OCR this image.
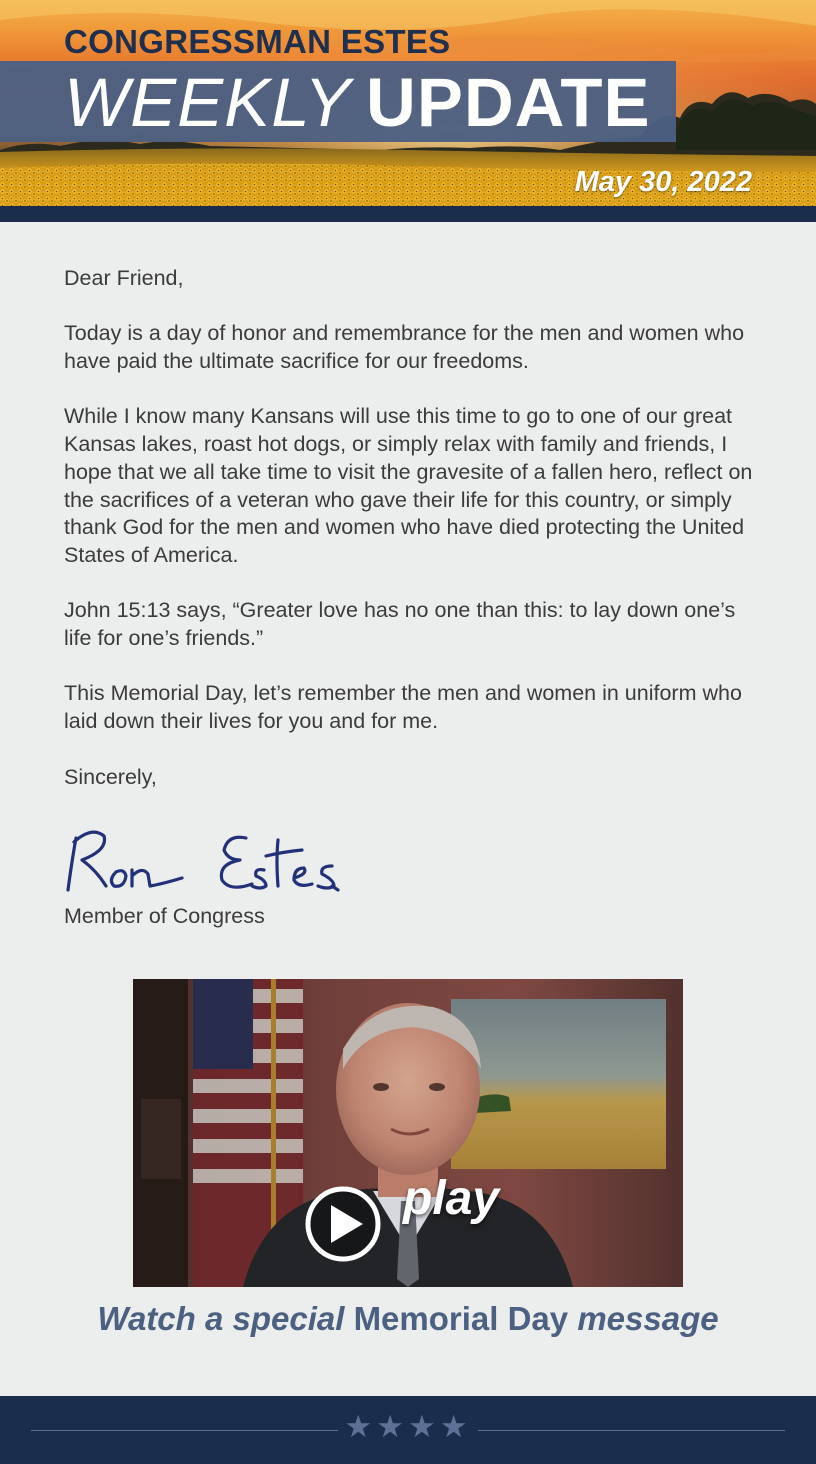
CONGRESSMAN ESTES
WEEKLY UPDATE
May 30, 2022

Dear Friend,

Today is a day of honor and remembrance for the men and women who have paid the ultimate sacrifice for our freedoms.

While I know many Kansans will use this time to go to one of our great Kansas lakes, roast hot dogs, or simply relax with family and friends, I hope that we all take time to visit the gravesite of a fallen hero, reflect on the sacrifices of a veteran who gave their life for this country, or simply thank God for the men and women who have died protecting the United States of America.

John 15:13 says, “Greater love has no one than this: to lay down one’s life for one’s friends.”

This Memorial Day, let’s remember the men and women in uniform who laid down their lives for you and for me.

Sincerely,

Member of Congress
play
Watch a special Memorial Day message
★★★★
